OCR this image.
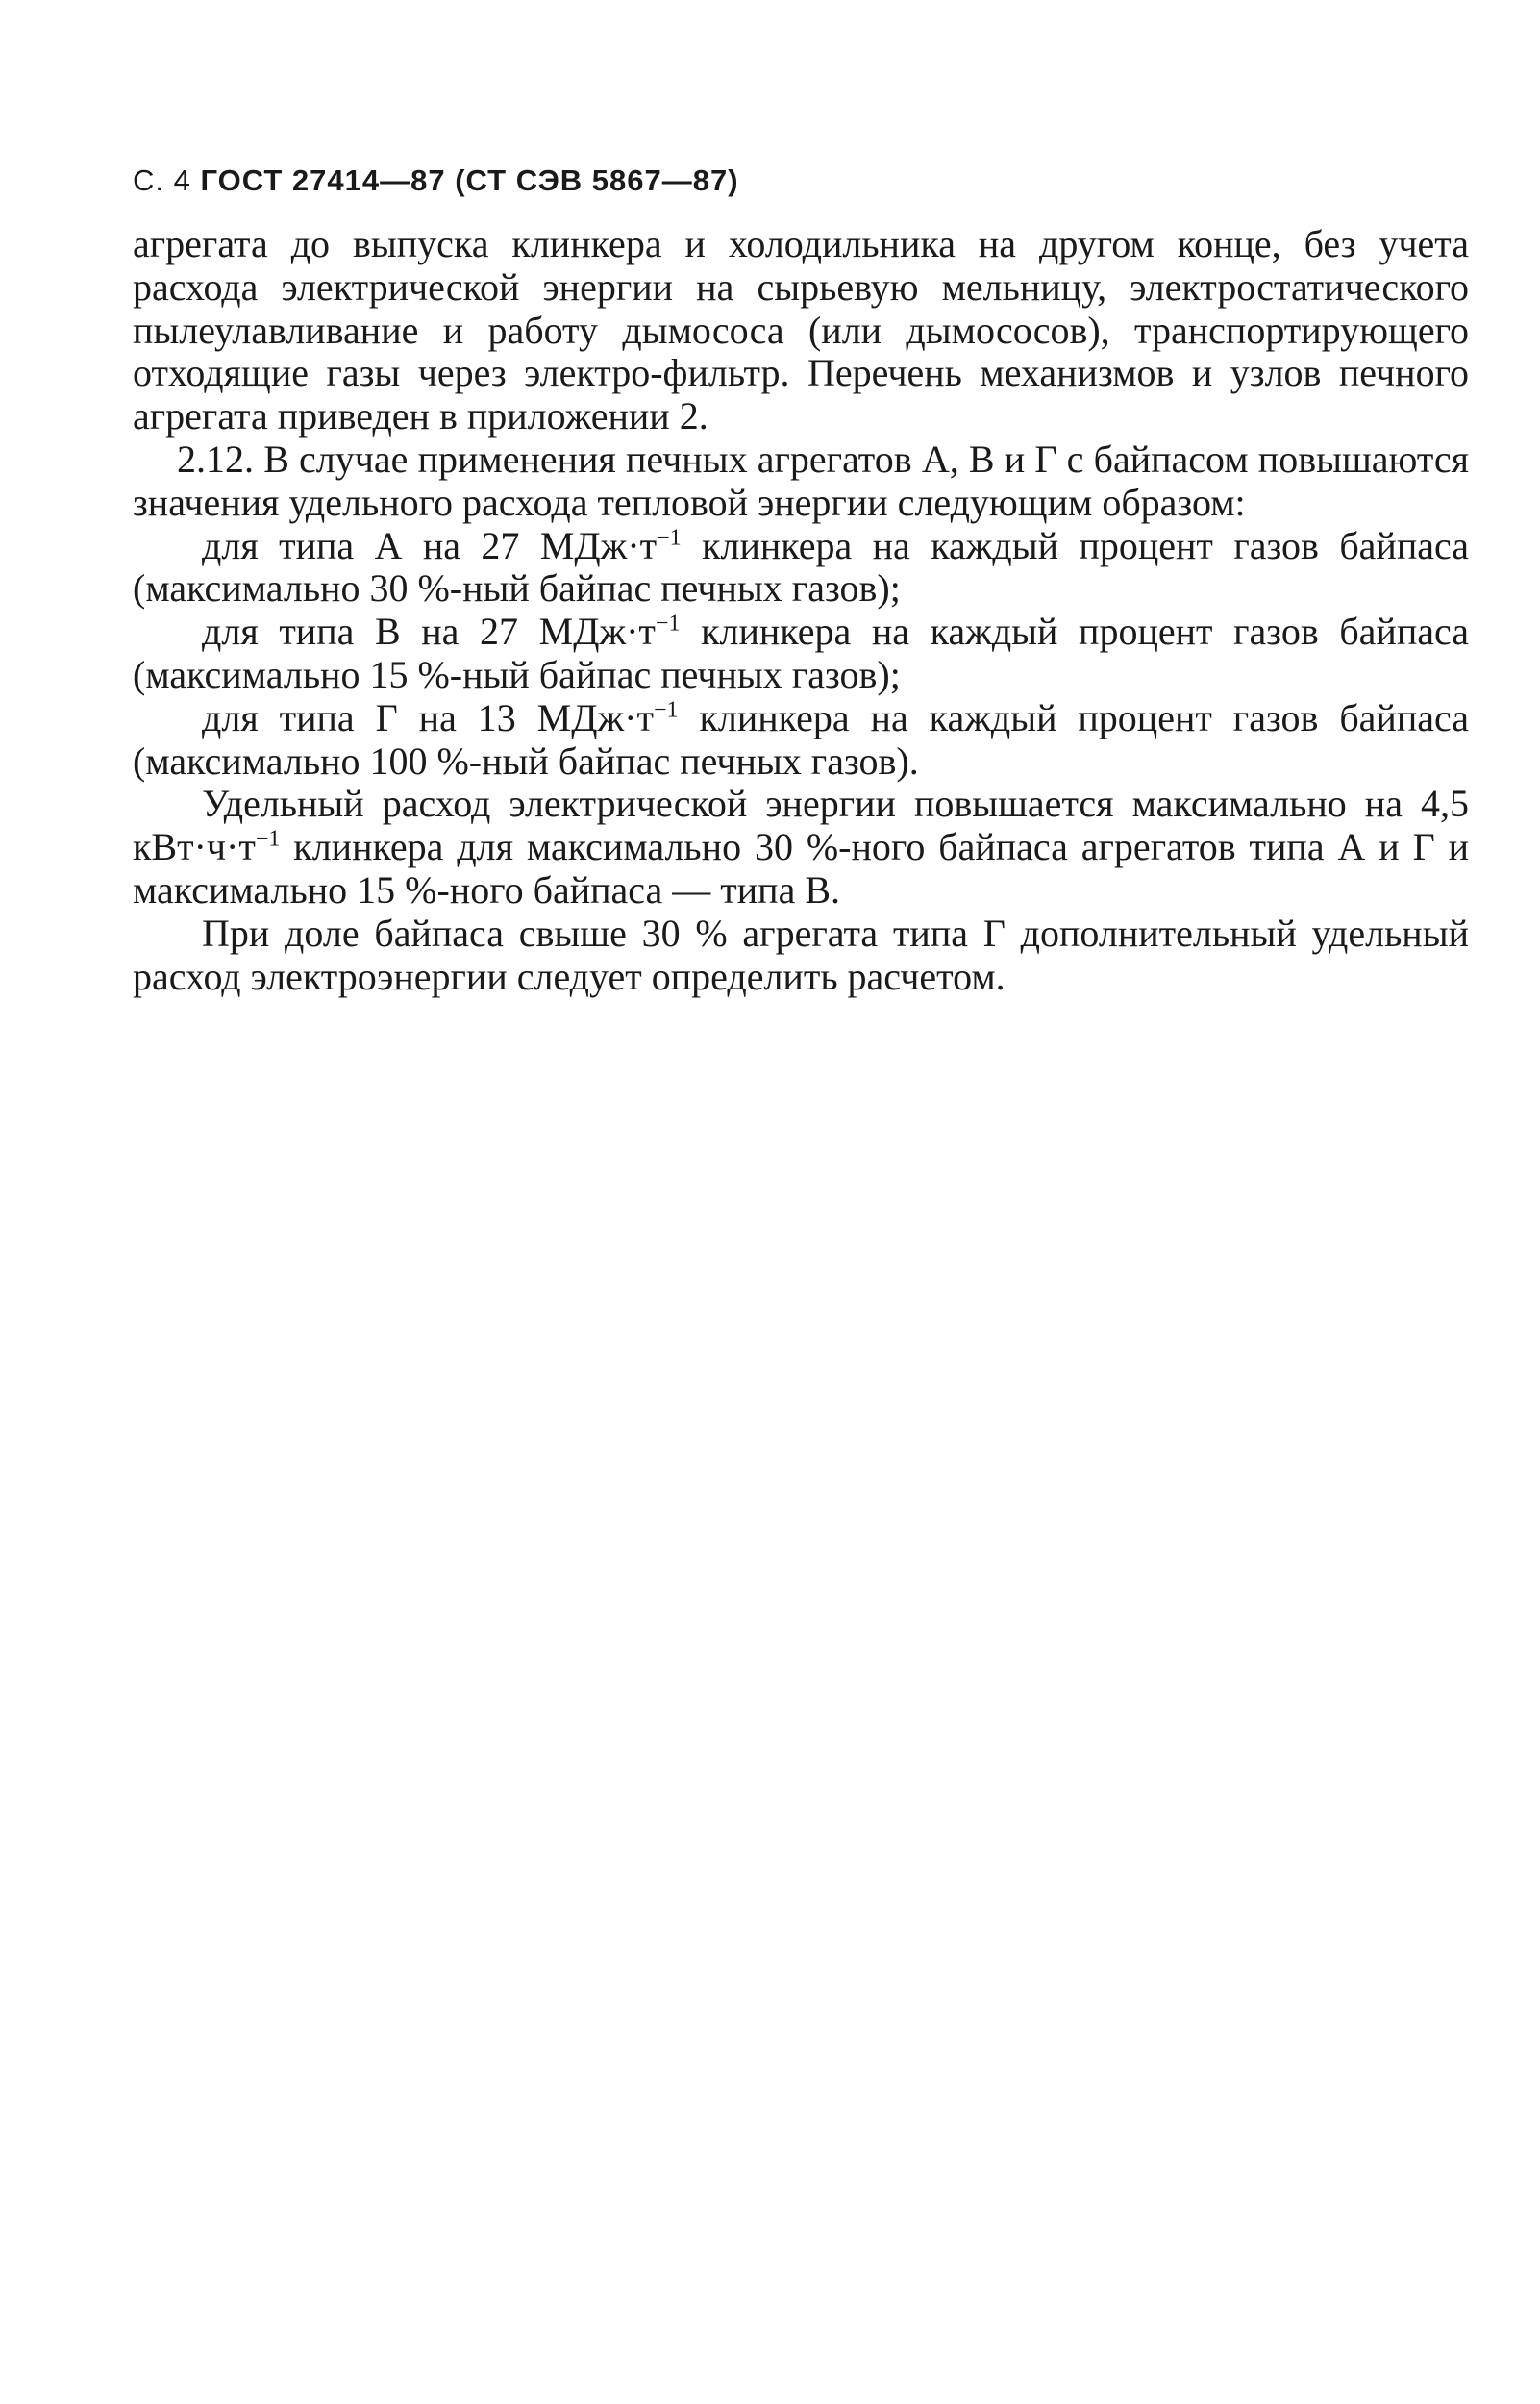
С. 4 ГОСТ 27414—87 (СТ СЭВ 5867—87)

агрегата до выпуска клинкера и холодильника на другом конце, без учета расхода электрической энергии на сырьевую мельницу, электростатического пылеулавливание и работу дымососа (или дымососов), транспортирующего отходящие газы через электро-фильтр. Перечень механизмов и узлов печного агрегата приведен в приложении 2.

2.12. В случае применения печных агрегатов А, В и Г с байпасом повышаются значения удельного расхода тепловой энергии следующим образом:

для типа А на 27 $МДж\cdot т^{-1}$ клинкера на каждый процент газов байпаса (максимально 30 %-ный байпас печных газов);

для типа В на 27 $МДж\cdot т^{-1}$ клинкера на каждый процент газов байпаса (максимально 15 %-ный байпас печных газов);

для типа Г на 13 $МДж\cdot т^{-1}$ клинкера на каждый процент газов байпаса (максимально 100 %-ный байпас печных газов).

Удельный расход электрической энергии повышается максимально на 4,5 $кВт\cdot ч\cdot т^{-1}$ клинкера для максимально 30 %-ного байпаса агрегатов типа А и Г и максимально 15 %-ного байпаса — типа В.

При доле байпаса свыше 30 % агрегата типа Г дополнительный удельный расход электроэнергии следует определить расчетом.
